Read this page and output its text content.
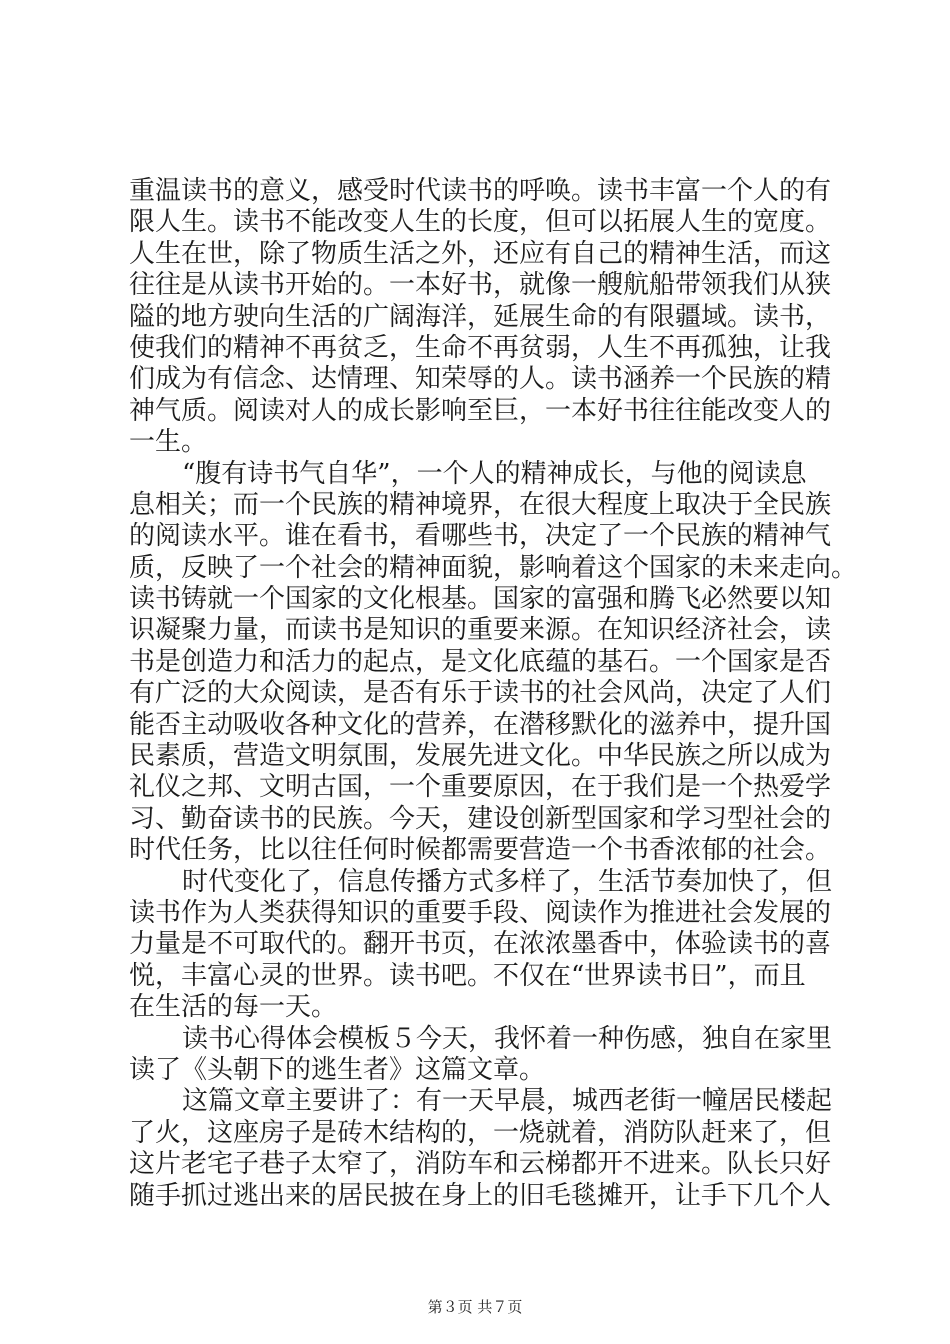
重温读书的意义，感受时代读书的呼唤。读书丰富一个人的有
限人生。读书不能改变人生的长度，但可以拓展人生的宽度。
人生在世，除了物质生活之外，还应有自己的精神生活，而这
往往是从读书开始的。一本好书，就像一艘航船带领我们从狭
隘的地方驶向生活的广阔海洋，延展生命的有限疆域。读书，
使我们的精神不再贫乏，生命不再贫弱，人生不再孤独，让我
们成为有信念、达情理、知荣辱的人。读书涵养一个民族的精
神气质。阅读对人的成长影响至巨，一本好书往往能改变人的
一生。
“腹有诗书气自华”，一个人的精神成长，与他的阅读息
息相关；而一个民族的精神境界，在很大程度上取决于全民族
的阅读水平。谁在看书，看哪些书，决定了一个民族的精神气
质，反映了一个社会的精神面貌，影响着这个国家的未来走向。
读书铸就一个国家的文化根基。国家的富强和腾飞必然要以知
识凝聚力量，而读书是知识的重要来源。在知识经济社会，读
书是创造力和活力的起点，是文化底蕴的基石。一个国家是否
有广泛的大众阅读，是否有乐于读书的社会风尚，决定了人们
能否主动吸收各种文化的营养，在潜移默化的滋养中，提升国
民素质，营造文明氛围，发展先进文化。中华民族之所以成为
礼仪之邦、文明古国，一个重要原因，在于我们是一个热爱学
习、勤奋读书的民族。今天，建设创新型国家和学习型社会的
时代任务，比以往任何时候都需要营造一个书香浓郁的社会。
时代变化了，信息传播方式多样了，生活节奏加快了，但
读书作为人类获得知识的重要手段、阅读作为推进社会发展的
力量是不可取代的。翻开书页，在浓浓墨香中，体验读书的喜
悦，丰富心灵的世界。读书吧。不仅在“世界读书日”，而且
在生活的每一天。
读书心得体会模板５今天，我怀着一种伤感，独自在家里
读了《头朝下的逃生者》这篇文章。
这篇文章主要讲了：有一天早晨，城西老街一幢居民楼起
了火，这座房子是砖木结构的，一烧就着，消防队赶来了，但
这片老宅子巷子太窄了，消防车和云梯都开不进来。队长只好
随手抓过逃出来的居民披在身上的旧毛毯摊开，让手下几个人
第３页 共７页
